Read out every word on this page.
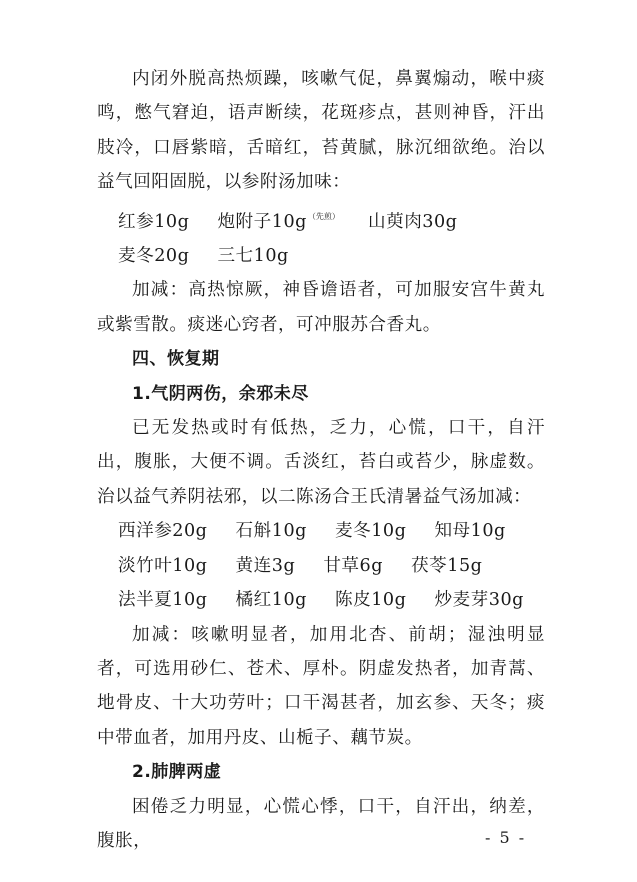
内闭外脱高热烦躁，咳嗽气促，鼻翼煽动，喉中痰鸣，憋气窘迫，语声断续，花斑疹点，甚则神昏，汗出肢冷，口唇紫暗，舌暗红，苔黄腻，脉沉细欲绝。治以益气回阳固脱，以参附汤加味：

红参10g 炮附子10g$^{(先煎)}$ 山萸肉30g

麦冬20g 三七10g

加减：高热惊厥，神昏谵语者，可加服安宫牛黄丸或紫雪散。痰迷心窍者，可冲服苏合香丸。

四、恢复期

1.气阴两伤，余邪未尽

已无发热或时有低热，乏力，心慌，口干，自汗出，腹胀，大便不调。舌淡红，苔白或苔少，脉虚数。治以益气养阴祛邪，以二陈汤合王氏清暑益气汤加减：

西洋参20g 石斛10g 麦冬10g 知母10g

淡竹叶10g 黄连3g 甘草6g 茯苓15g

法半夏10g 橘红10g 陈皮10g 炒麦芽30g

加减：咳嗽明显者，加用北杏、前胡；湿浊明显者，可选用砂仁、苍术、厚朴。阴虚发热者，加青蒿、地骨皮、十大功劳叶；口干渴甚者，加玄参、天冬；痰中带血者，加用丹皮、山栀子、藕节炭。

2.肺脾两虚

困倦乏力明显，心慌心悸，口干，自汗出，纳差，腹胀，	- 5 -
